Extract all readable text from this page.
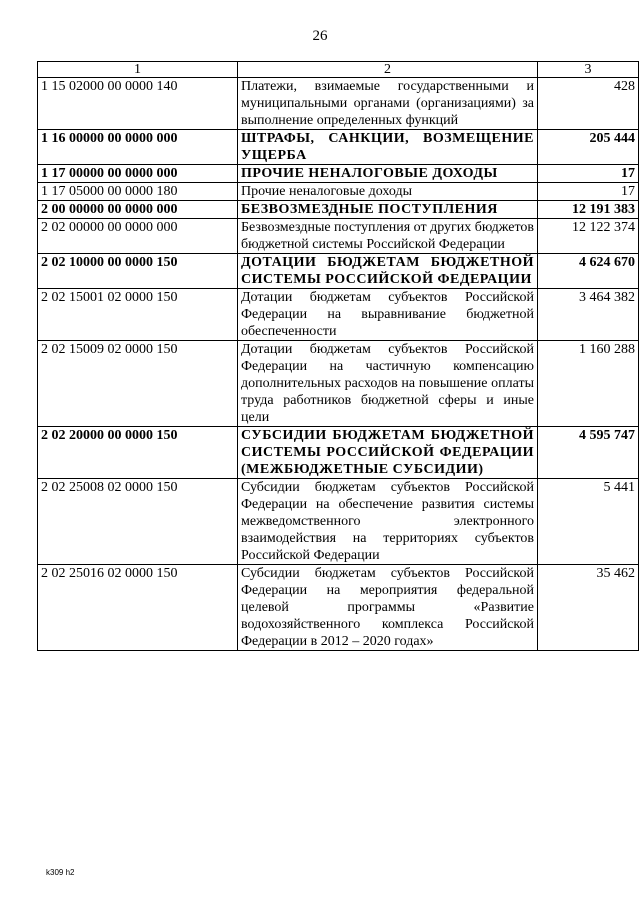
26
1	2	3
1 15 02000 00 0000 140	Платежи, взимаемые государственными и муниципальными органами (организациями) за выполнение определенных функций	428
1 16 00000 00 0000 000	ШТРАФЫ, САНКЦИИ, ВОЗМЕЩЕНИЕ УЩЕРБА	205 444
1 17 00000 00 0000 000	ПРОЧИЕ НЕНАЛОГОВЫЕ ДОХОДЫ	17
1 17 05000 00 0000 180	Прочие неналоговые доходы	17
2 00 00000 00 0000 000	БЕЗВОЗМЕЗДНЫЕ ПОСТУПЛЕНИЯ	12 191 383
2 02 00000 00 0000 000	Безвозмездные поступления от других бюджетов бюджетной системы Российской Федерации	12 122 374
2 02 10000 00 0000 150	ДОТАЦИИ БЮДЖЕТАМ БЮДЖЕТНОЙ СИСТЕМЫ РОССИЙСКОЙ ФЕДЕРАЦИИ	4 624 670
2 02 15001 02 0000 150	Дотации бюджетам субъектов Российской Федерации на выравнивание бюджетной обеспеченности	3 464 382
2 02 15009 02 0000 150	Дотации бюджетам субъектов Российской Федерации на частичную компенсацию дополнительных расходов на повышение оплаты труда работников бюджетной сферы и иные цели	1 160 288
2 02 20000 00 0000 150	СУБСИДИИ БЮДЖЕТАМ БЮДЖЕТНОЙ СИСТЕМЫ РОССИЙСКОЙ ФЕДЕРАЦИИ (МЕЖБЮДЖЕТНЫЕ СУБСИДИИ)	4 595 747
2 02 25008 02 0000 150	Субсидии бюджетам субъектов Российской Федерации на обеспечение развития системы межведомственного электронного взаимодействия на территориях субъектов Российской Федерации	5 441
2 02 25016 02 0000 150	Субсидии бюджетам субъектов Российской Федерации на мероприятия федеральной целевой программы «Развитие водохозяйственного комплекса Российской Федерации в 2012 – 2020 годах»	35 462
k309 h2
